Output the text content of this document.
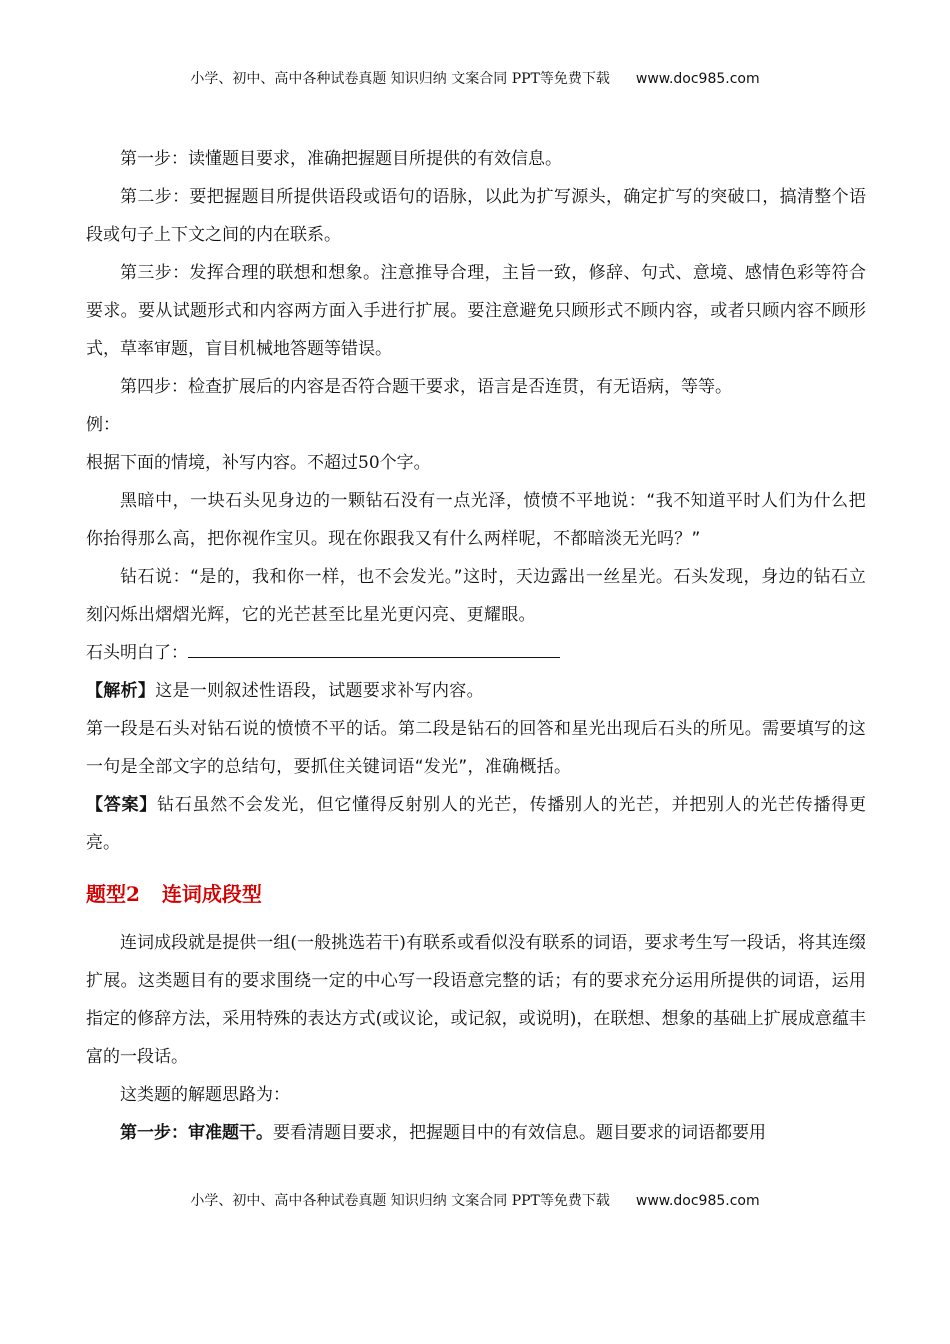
小学、初中、高中各种试卷真题 知识归纳 文案合同 PPT等免费下载 www.doc985.com

第一步：读懂题目要求，准确把握题目所提供的有效信息。

第二步：要把握题目所提供语段或语句的语脉，以此为扩写源头，确定扩写的突破口，搞清整个语段或句子上下文之间的内在联系。

第三步：发挥合理的联想和想象。注意推导合理，主旨一致，修辞、句式、意境、感情色彩等符合要求。要从试题形式和内容两方面入手进行扩展。要注意避免只顾形式不顾内容，或者只顾内容不顾形式，草率审题，盲目机械地答题等错误。

第四步：检查扩展后的内容是否符合题干要求，语言是否连贯，有无语病，等等。

例：

根据下面的情境，补写内容。不超过50个字。

黑暗中，一块石头见身边的一颗钻石没有一点光泽，愤愤不平地说：“我不知道平时人们为什么把你抬得那么高，把你视作宝贝。现在你跟我又有什么两样呢，不都暗淡无光吗？”

钻石说：“是的，我和你一样，也不会发光。”这时，天边露出一丝星光。石头发现，身边的钻石立刻闪烁出熠熠光辉，它的光芒甚至比星光更闪亮、更耀眼。

石头明白了：

【解析】这是一则叙述性语段，试题要求补写内容。

第一段是石头对钻石说的愤愤不平的话。第二段是钻石的回答和星光出现后石头的所见。需要填写的这一句是全部文字的总结句，要抓住关键词语“发光”，准确概括。

【答案】钻石虽然不会发光，但它懂得反射别人的光芒，传播别人的光芒，并把别人的光芒传播得更亮。

题型2 连词成段型

连词成段就是提供一组(一般挑选若干)有联系或看似没有联系的词语，要求考生写一段话，将其连缀扩展。这类题目有的要求围绕一定的中心写一段语意完整的话；有的要求充分运用所提供的词语，运用指定的修辞方法，采用特殊的表达方式(或议论，或记叙，或说明)，在联想、想象的基础上扩展成意蕴丰富的一段话。

这类题的解题思路为：

第一步：审准题干。要看清题目要求，把握题目中的有效信息。题目要求的词语都要用

小学、初中、高中各种试卷真题 知识归纳 文案合同 PPT等免费下载 www.doc985.com
